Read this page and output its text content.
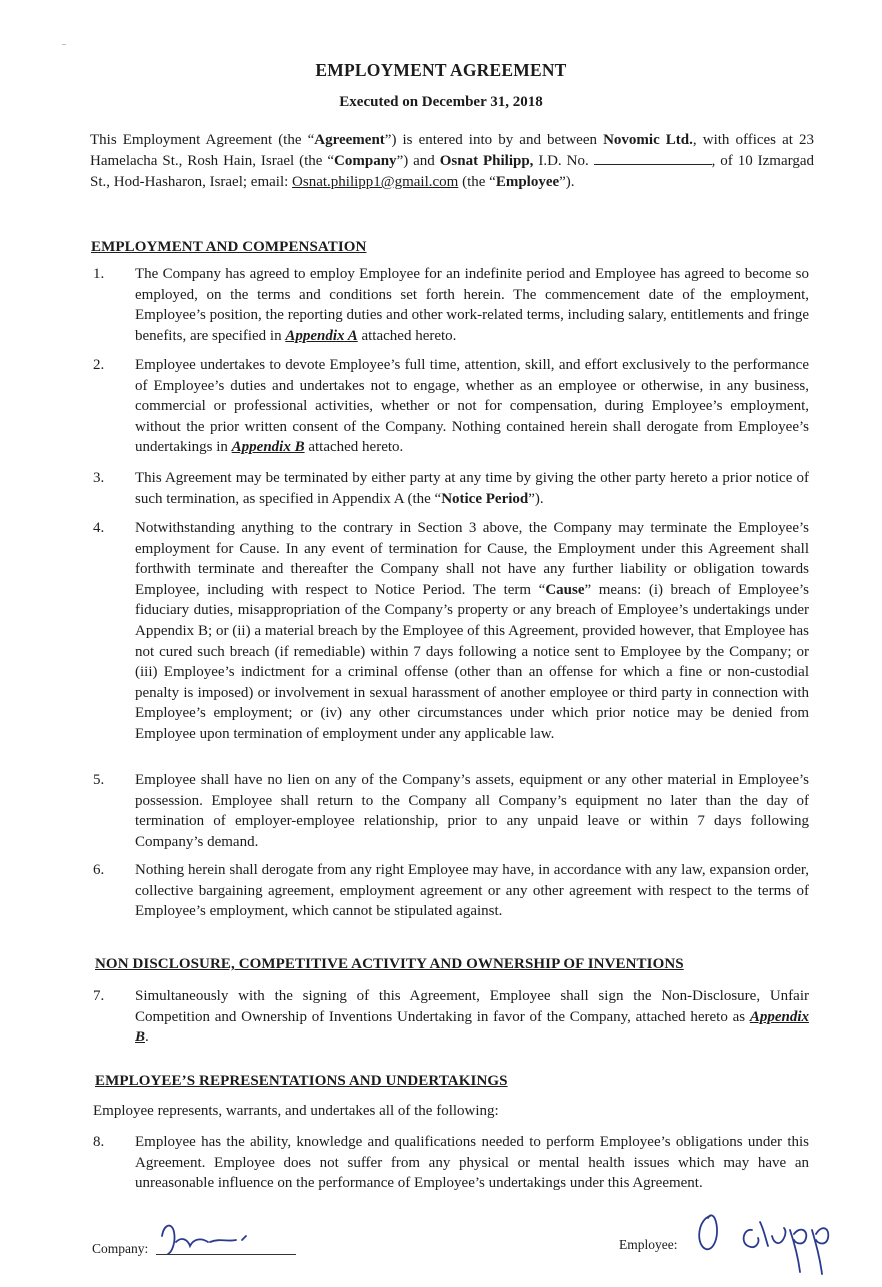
EMPLOYMENT AGREEMENT
Executed on December 31, 2018
This Employment Agreement (the “Agreement”) is entered into by and between Novomic Ltd., with offices at 23 Hamelacha St., Rosh Hain, Israel (the “Company”) and Osnat Philipp, I.D. No.	, of 10 Izmargad St., Hod-Hasharon, Israel; email: Osnat.philipp1@gmail.com (the “Employee”).
EMPLOYMENT AND COMPENSATION
1.	The Company has agreed to employ Employee for an indefinite period and Employee has agreed to become so employed, on the terms and conditions set forth herein. The commencement date of the employment, Employee’s position, the reporting duties and other work-related terms, including salary, entitlements and fringe benefits, are specified in Appendix A attached hereto.
2.	Employee undertakes to devote Employee’s full time, attention, skill, and effort exclusively to the performance of Employee’s duties and undertakes not to engage, whether as an employee or otherwise, in any business, commercial or professional activities, whether or not for compensation, during Employee’s employment, without the prior written consent of the Company. Nothing contained herein shall derogate from Employee’s undertakings in Appendix B attached hereto.
3.	This Agreement may be terminated by either party at any time by giving the other party hereto a prior notice of such termination, as specified in Appendix A (the “Notice Period”).
4.	Notwithstanding anything to the contrary in Section 3 above, the Company may terminate the Employee’s employment for Cause. In any event of termination for Cause, the Employment under this Agreement shall forthwith terminate and thereafter the Company shall not have any further liability or obligation towards Employee, including with respect to Notice Period. The term “Cause” means: (i) breach of Employee’s fiduciary duties, misappropriation of the Company’s property or any breach of Employee’s undertakings under Appendix B; or (ii) a material breach by the Employee of this Agreement, provided however, that Employee has not cured such breach (if remediable) within 7 days following a notice sent to Employee by the Company; or (iii) Employee’s indictment for a criminal offense (other than an offense for which a fine or non-custodial penalty is imposed) or involvement in sexual harassment of another employee or third party in connection with Employee’s employment; or (iv) any other circumstances under which prior notice may be denied from Employee upon termination of employment under any applicable law.
5.	Employee shall have no lien on any of the Company’s assets, equipment or any other material in Employee’s possession. Employee shall return to the Company all Company’s equipment no later than the day of termination of employer-employee relationship, prior to any unpaid leave or within 7 days following Company’s demand.
6.	Nothing herein shall derogate from any right Employee may have, in accordance with any law, expansion order, collective bargaining agreement, employment agreement or any other agreement with respect to the terms of Employee’s employment, which cannot be stipulated against.
NON DISCLOSURE, COMPETITIVE ACTIVITY AND OWNERSHIP OF INVENTIONS
7.	Simultaneously with the signing of this Agreement, Employee shall sign the Non-Disclosure, Unfair Competition and Ownership of Inventions Undertaking in favor of the Company, attached hereto as Appendix B.
EMPLOYEE’S REPRESENTATIONS AND UNDERTAKINGS
Employee represents, warrants, and undertakes all of the following:
8.	Employee has the ability, knowledge and qualifications needed to perform Employee’s obligations under this Agreement. Employee does not suffer from any physical or mental health issues which may have an unreasonable influence on the performance of Employee’s undertakings under this Agreement.
Company:	Employee:
